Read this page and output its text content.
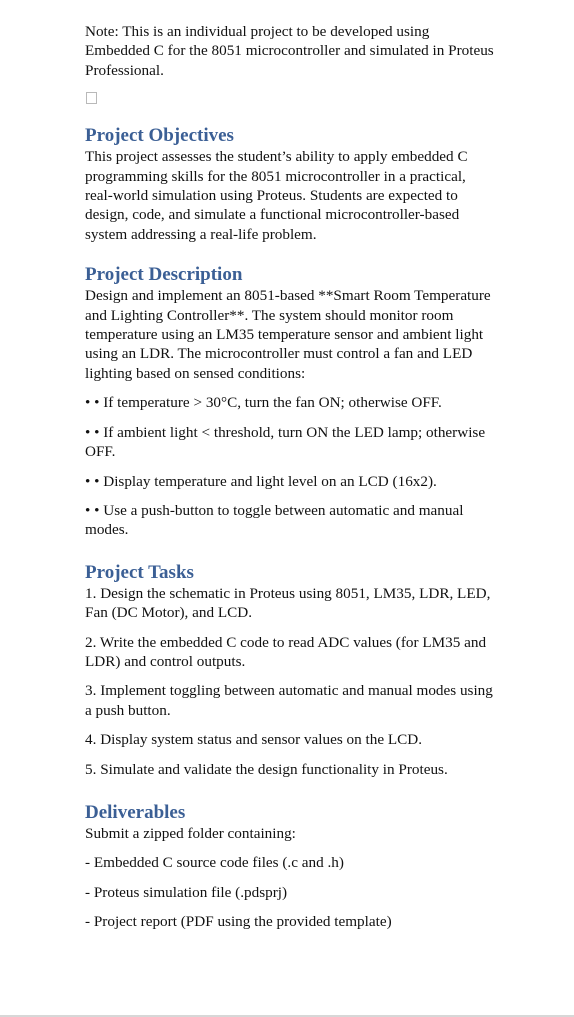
Note: This is an individual project to be developed using Embedded C for the 8051 microcontroller and simulated in Proteus Professional.

Project Objectives

This project assesses the student’s ability to apply embedded C programming skills for the 8051 microcontroller in a practical, real-world simulation using Proteus. Students are expected to design, code, and simulate a functional microcontroller-based system addressing a real-life problem.

Project Description

Design and implement an 8051-based **Smart Room Temperature and Lighting Controller**. The system should monitor room temperature using an LM35 temperature sensor and ambient light using an LDR. The microcontroller must control a fan and LED lighting based on sensed conditions:

• • If temperature > 30°C, turn the fan ON; otherwise OFF.

• • If ambient light < threshold, turn ON the LED lamp; otherwise OFF.

• • Display temperature and light level on an LCD (16x2).

• • Use a push-button to toggle between automatic and manual modes.

Project Tasks

1. Design the schematic in Proteus using 8051, LM35, LDR, LED, Fan (DC Motor), and LCD.

2. Write the embedded C code to read ADC values (for LM35 and LDR) and control outputs.

3. Implement toggling between automatic and manual modes using a push button.

4. Display system status and sensor values on the LCD.

5. Simulate and validate the design functionality in Proteus.

Deliverables

Submit a zipped folder containing:

- Embedded C source code files (.c and .h)

- Proteus simulation file (.pdsprj)

- Project report (PDF using the provided template)
